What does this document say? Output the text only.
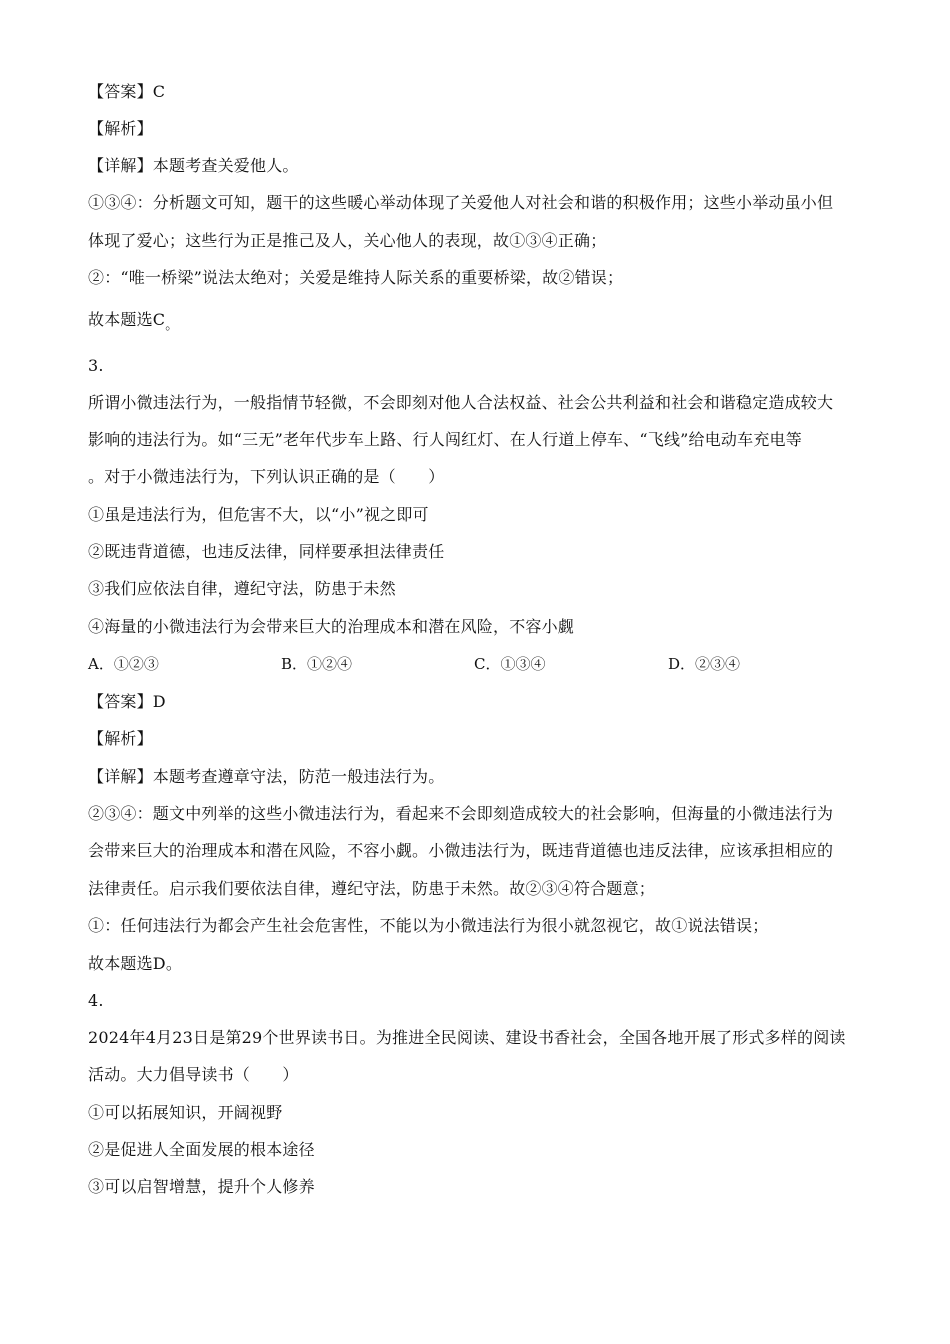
【答案】C
【解析】
【详解】本题考查关爱他人。
①③④：分析题文可知，题干的这些暖心举动体现了关爱他人对社会和谐的积极作用；这些小举动虽小但
体现了爱心；这些行为正是推己及人，关心他人的表现，故①③④正确；
②：“唯一桥梁”说法太绝对；关爱是维持人际关系的重要桥梁，故②错误；
故本题选$C_。$
3.
所谓小微违法行为，一般指情节轻微，不会即刻对他人合法权益、社会公共利益和社会和谐稳定造成较大
影响的违法行为。如“三无”老年代步车上路、行人闯红灯、在人行道上停车、“飞线”给电动车充电等
。对于小微违法行为，下列认识正确的是（　　）
①虽是违法行为，但危害不大，以“小”视之即可
②既违背道德，也违反法律，同样要承担法律责任
③我们应依法自律，遵纪守法，防患于未然
④海量的小微违法行为会带来巨大的治理成本和潜在风险，不容小觑
A．①②③	B．①②④	C．①③④	D．②③④
【答案】D
【解析】
【详解】本题考查遵章守法，防范一般违法行为。
②③④：题文中列举的这些小微违法行为，看起来不会即刻造成较大的社会影响，但海量的小微违法行为
会带来巨大的治理成本和潜在风险，不容小觑。小微违法行为，既违背道德也违反法律，应该承担相应的
法律责任。启示我们要依法自律，遵纪守法，防患于未然。故②③④符合题意；
①：任何违法行为都会产生社会危害性，不能以为小微违法行为很小就忽视它，故①说法错误；
故本题选D。
4.
2024年4月23日是第29个世界读书日。为推进全民阅读、建设书香社会，全国各地开展了形式多样的阅读
活动。大力倡导读书（　　）
①可以拓展知识，开阔视野
②是促进人全面发展的根本途径
③可以启智增慧，提升个人修养
